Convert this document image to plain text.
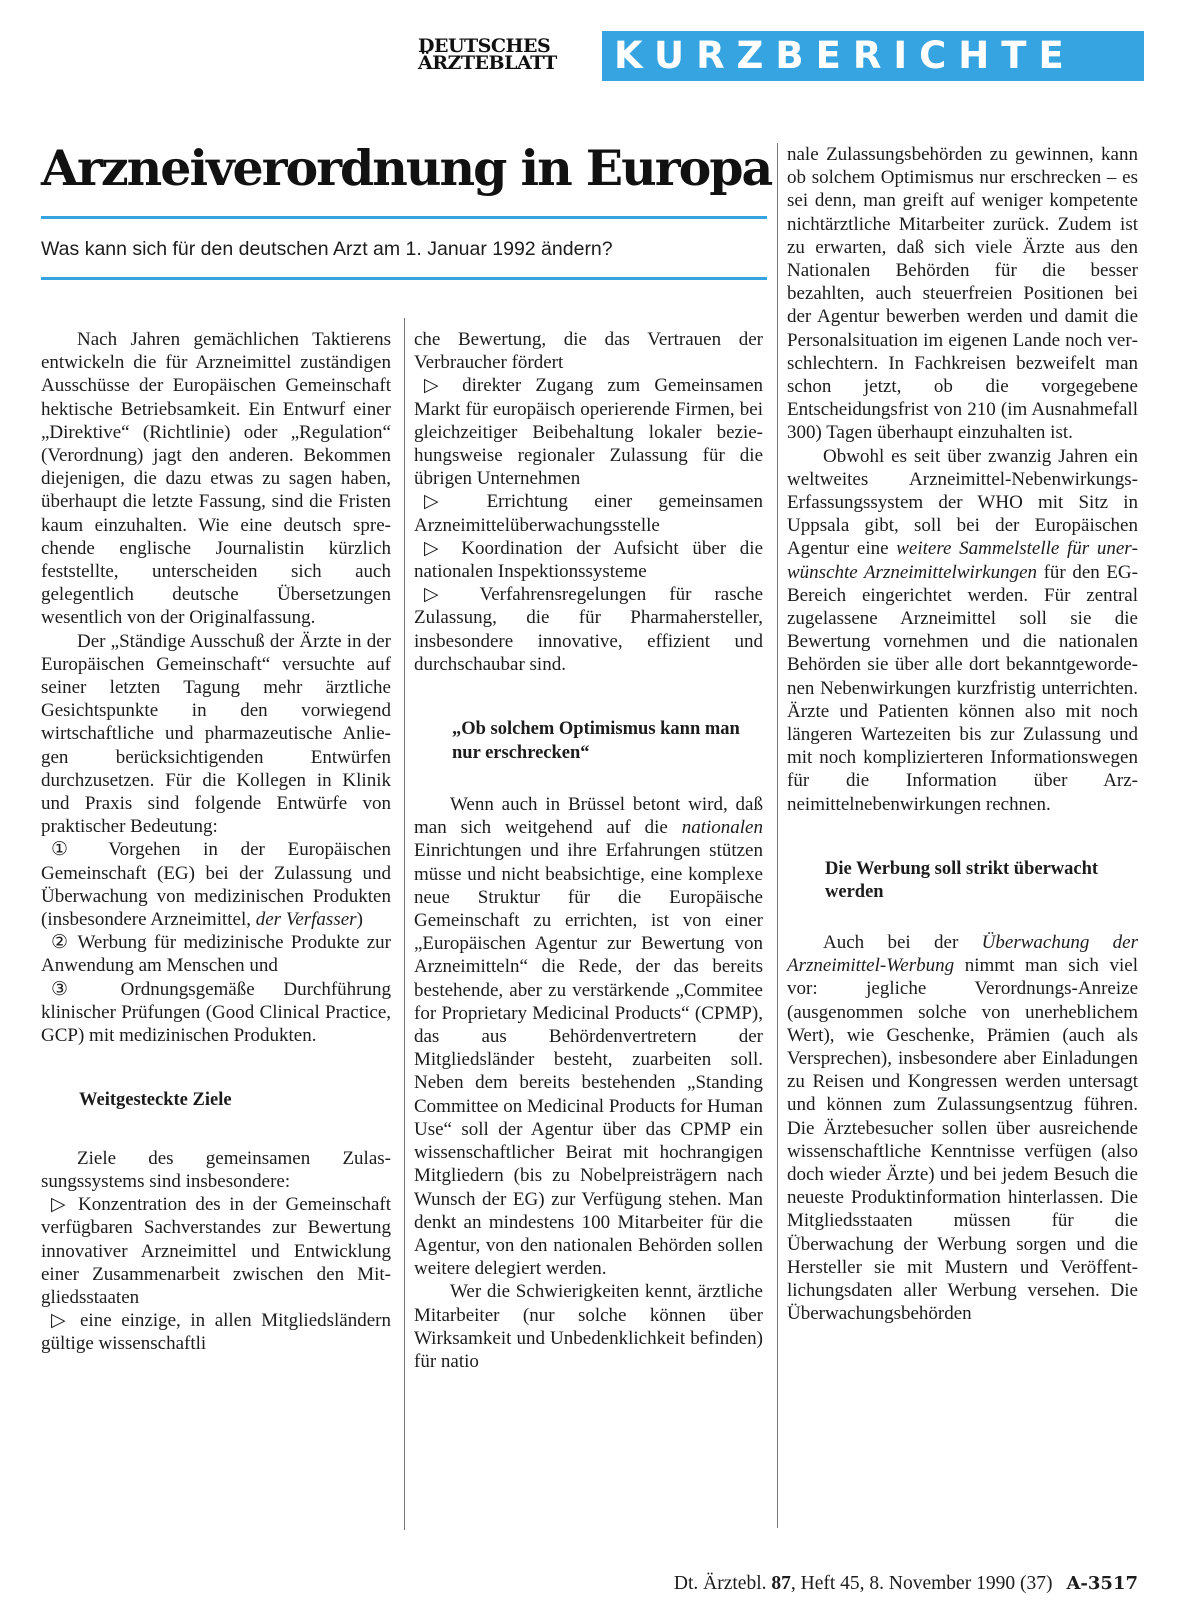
DEUTSCHES
ÄRZTEBLATT	KURZBERICHTE
Arzneiverordnung in Europa
Was kann sich für den deutschen Arzt am 1. Januar 1992 ändern?

Nach Jahren gemächlichen Taktierens entwickeln die für Arzneimittel zuständigen Ausschüsse der Europäischen Gemeinschaft hektische Betriebsamkeit. Ein Entwurf einer „Direktive“ (Richtlinie) oder „Regulation“ (Verordnung) jagt den anderen. Bekommen diejenigen, die dazu etwas zu sagen haben, überhaupt die letzte Fassung, sind die Fristen kaum einzuhalten. Wie eine deutsch sprechende englische Journalistin kürzlich feststellte, unterscheiden sich auch gelegentlich deutsche Übersetzungen wesentlich von der Originalfassung.

Der „Ständige Ausschuß der Ärzte in der Europäischen Gemeinschaft“ versuchte auf seiner letzten Tagung mehr ärztliche Gesichtspunkte in den vorwiegend wirtschaftliche und pharmazeutische Anliegen berücksichtigenden Entwürfen durchzusetzen. Für die Kollegen in Klinik und Praxis sind folgende Entwürfe von praktischer Bedeutung:

① Vorgehen in der Europäischen Gemeinschaft (EG) bei der Zulassung und Überwachung von medizinischen Produkten (insbesondere Arzneimittel, der Verfasser)

② Werbung für medizinische Produkte zur Anwendung am Menschen und

③ Ordnungsgemäße Durchführung klinischer Prüfungen (Good Clinical Practice, GCP) mit medizinischen Produkten.

Weitgesteckte Ziele

Ziele des gemeinsamen Zulassungssystems sind insbesondere:

▷ Konzentration des in der Gemeinschaft verfügbaren Sachverstandes zur Bewertung innovativer Arzneimittel und Entwicklung einer Zusammenarbeit zwischen den Mitgliedsstaaten

▷ eine einzige, in allen Mitgliedsländern gültige wissenschaftli

che Bewertung, die das Vertrauen der Verbraucher fördert

▷ direkter Zugang zum Gemeinsamen Markt für europäisch operierende Firmen, bei gleichzeitiger Beibehaltung lokaler beziehungsweise regionaler Zulassung für die übrigen Unternehmen

▷ Errichtung einer gemeinsamen Arzneimittelüberwachungsstelle

▷ Koordination der Aufsicht über die nationalen Inspektionssysteme

▷ Verfahrensregelungen für rasche Zulassung, die für Pharmahersteller, insbesondere innovative, effizient und durchschaubar sind.

„Ob solchem Optimismus kann man nur erschrecken“

Wenn auch in Brüssel betont wird, daß man sich weitgehend auf die nationalen Einrichtungen und ihre Erfahrungen stützen müsse und nicht beabsichtige, eine komplexe neue Struktur für die Europäische Gemeinschaft zu errichten, ist von einer „Europäischen Agentur zur Bewertung von Arzneimitteln“ die Rede, der das bereits bestehende, aber zu verstärkende „Commitee for Proprietary Medicinal Products“ (CPMP), das aus Behördenvertretern der Mitgliedsländer besteht, zuarbeiten soll. Neben dem bereits bestehenden „Standing Committee on Medicinal Products for Human Use“ soll der Agentur über das CPMP ein wissenschaftlicher Beirat mit hochrangigen Mitgliedern (bis zu Nobelpreisträgern nach Wunsch der EG) zur Verfügung stehen. Man denkt an mindestens 100 Mitarbeiter für die Agentur, von den nationalen Behörden sollen weitere delegiert werden.

Wer die Schwierigkeiten kennt, ärztliche Mitarbeiter (nur solche können über Wirksamkeit und Unbedenklichkeit befinden) für natio

nale Zulassungsbehörden zu gewinnen, kann ob solchem Optimismus nur erschrecken – es sei denn, man greift auf weniger kompetente nichtärztliche Mitarbeiter zurück. Zudem ist zu erwarten, daß sich viele Ärzte aus den Nationalen Behörden für die besser bezahlten, auch steuerfreien Positionen bei der Agentur bewerben werden und damit die Personalsituation im eigenen Lande noch verschlechtern. In Fachkreisen bezweifelt man schon jetzt, ob die vorgegebene Entscheidungsfrist von 210 (im Ausnahmefall 300) Tagen überhaupt einzuhalten ist.

Obwohl es seit über zwanzig Jahren ein weltweites Arzneimittel-Nebenwirkungs-Erfassungssystem der WHO mit Sitz in Uppsala gibt, soll bei der Europäischen Agentur eine weitere Sammelstelle für unerwünschte Arzneimittelwirkungen für den EG-Bereich eingerichtet werden. Für zentral zugelassene Arzneimittel soll sie die Bewertung vornehmen und die nationalen Behörden sie über alle dort bekanntgewordenen Nebenwirkungen kurzfristig unterrichten. Ärzte und Patienten können also mit noch längeren Wartezeiten bis zur Zulassung und mit noch komplizierteren Informationswegen für die Information über Arzneimittelnebenwirkungen rechnen.

Die Werbung soll strikt überwacht werden

Auch bei der Überwachung der Arzneimittel-Werbung nimmt man sich viel vor: jegliche Verordnungs-Anreize (ausgenommen solche von unerheblichem Wert), wie Geschenke, Prämien (auch als Versprechen), insbesondere aber Einladungen zu Reisen und Kongressen werden untersagt und können zum Zulassungsentzug führen. Die Ärztebesucher sollen über ausreichende wissenschaftliche Kenntnisse verfügen (also doch wieder Ärzte) und bei jedem Besuch die neueste Produktinformation hinterlassen. Die Mitgliedsstaaten müssen für die Überwachung der Werbung sorgen und die Hersteller sie mit Mustern und Veröffentlichungsdaten aller Werbung versehen. Die Überwachungsbehörden

Dt. Ärztebl. 87, Heft 45, 8. November 1990 (37) A-3517
